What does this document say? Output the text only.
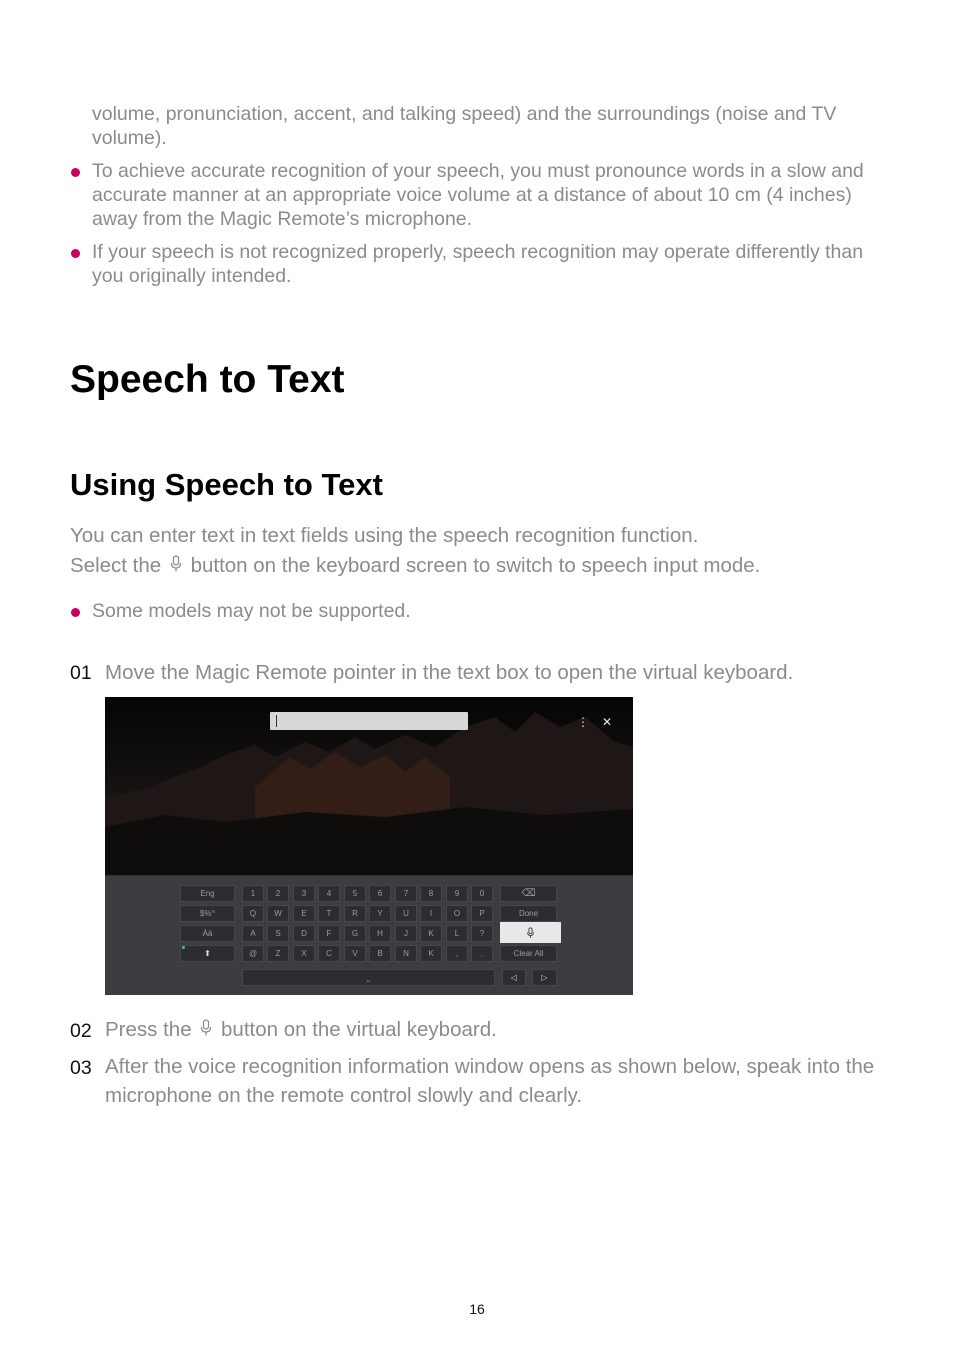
volume, pronunciation, accent, and talking speed) and the surroundings (noise and TV volume).
To achieve accurate recognition of your speech, you must pronounce words in a slow and accurate manner at an appropriate voice volume at a distance of about 10 cm (4 inches) away from the Magic Remote’s microphone.
If your speech is not recognized properly, speech recognition may operate differently than you originally intended.
Speech to Text
Using Speech to Text
You can enter text in text fields using the speech recognition function.
Select the button on the keyboard screen to switch to speech input mode.
Some models may not be supported.
01 Move the Magic Remote pointer in the text box to open the virtual keyboard.
⋮ ✕
Eng
$%^
Àà
⬆
1	2	3	4	5	6	7	8	9	0
Q	W	E	T	R	Y	U	I	O	P
A	S	D	F	G	H	J	K	L	?
@	Z	X	C	V	B	N	K	,	.
⌫
Done
Clear All
⎵	◁	▷
02 Press the button on the virtual keyboard.
03 After the voice recognition information window opens as shown below, speak into the microphone on the remote control slowly and clearly.
16
